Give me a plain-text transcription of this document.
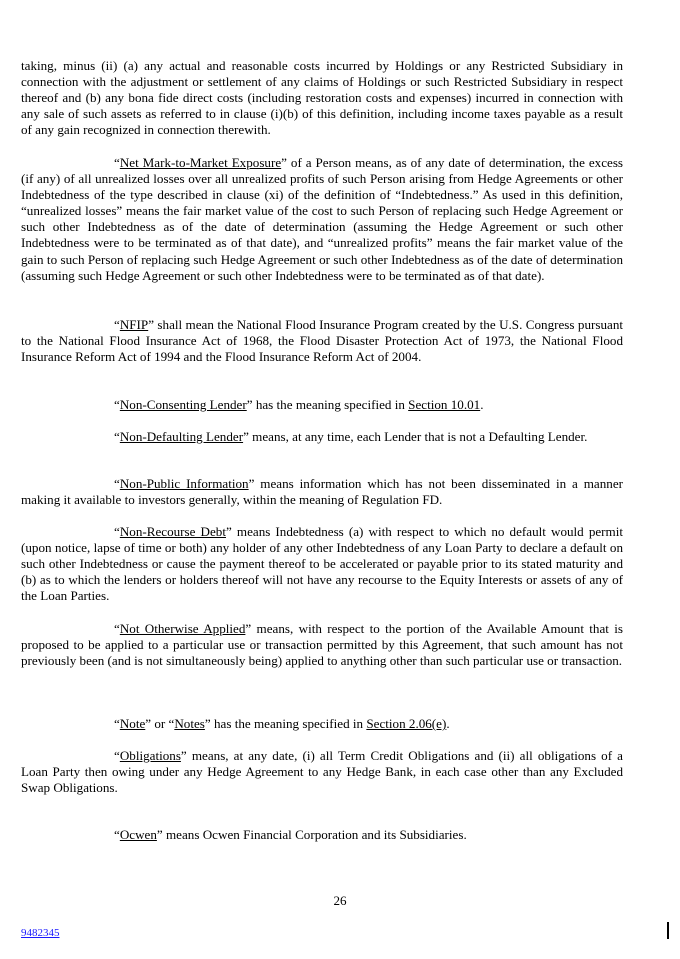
taking, minus (ii) (a) any actual and reasonable costs incurred by Holdings or any Restricted Subsidiary in connection with the adjustment or settlement of any claims of Holdings or such Restricted Subsidiary in respect thereof and (b) any bona fide direct costs (including restoration costs and expenses) incurred in connection with any sale of such assets as referred to in clause (i)(b) of this definition, including income taxes payable as a result of any gain recognized in connection therewith.

“Net Mark-to-Market Exposure” of a Person means, as of any date of determination, the excess (if any) of all unrealized losses over all unrealized profits of such Person arising from Hedge Agreements or other Indebtedness of the type described in clause (xi) of the definition of “Indebtedness.” As used in this definition, “unrealized losses” means the fair market value of the cost to such Person of replacing such Hedge Agreement or such other Indebtedness as of the date of determination (assuming the Hedge Agreement or such other Indebtedness were to be terminated as of that date), and “unrealized profits” means the fair market value of the gain to such Person of replacing such Hedge Agreement or such other Indebtedness as of the date of determination (assuming such Hedge Agreement or such other Indebtedness were to be terminated as of that date).

“NFIP” shall mean the National Flood Insurance Program created by the U.S. Congress pursuant to the National Flood Insurance Act of 1968, the Flood Disaster Protection Act of 1973, the National Flood Insurance Reform Act of 1994 and the Flood Insurance Reform Act of 2004.

“Non-Consenting Lender” has the meaning specified in Section 10.01.

“Non-Defaulting Lender” means, at any time, each Lender that is not a Defaulting Lender.

“Non-Public Information” means information which has not been disseminated in a manner making it available to investors generally, within the meaning of Regulation FD.

“Non-Recourse Debt” means Indebtedness (a) with respect to which no default would permit (upon notice, lapse of time or both) any holder of any other Indebtedness of any Loan Party to declare a default on such other Indebtedness or cause the payment thereof to be accelerated or payable prior to its stated maturity and (b) as to which the lenders or holders thereof will not have any recourse to the Equity Interests or assets of any of the Loan Parties.

“Not Otherwise Applied” means, with respect to the portion of the Available Amount that is proposed to be applied to a particular use or transaction permitted by this Agreement, that such amount has not previously been (and is not simultaneously being) applied to anything other than such particular use or transaction.

“Note” or “Notes” has the meaning specified in Section 2.06(e).

“Obligations” means, at any date, (i) all Term Credit Obligations and (ii) all obligations of a Loan Party then owing under any Hedge Agreement to any Hedge Bank, in each case other than any Excluded Swap Obligations.

“Ocwen” means Ocwen Financial Corporation and its Subsidiaries.

26
9482345
